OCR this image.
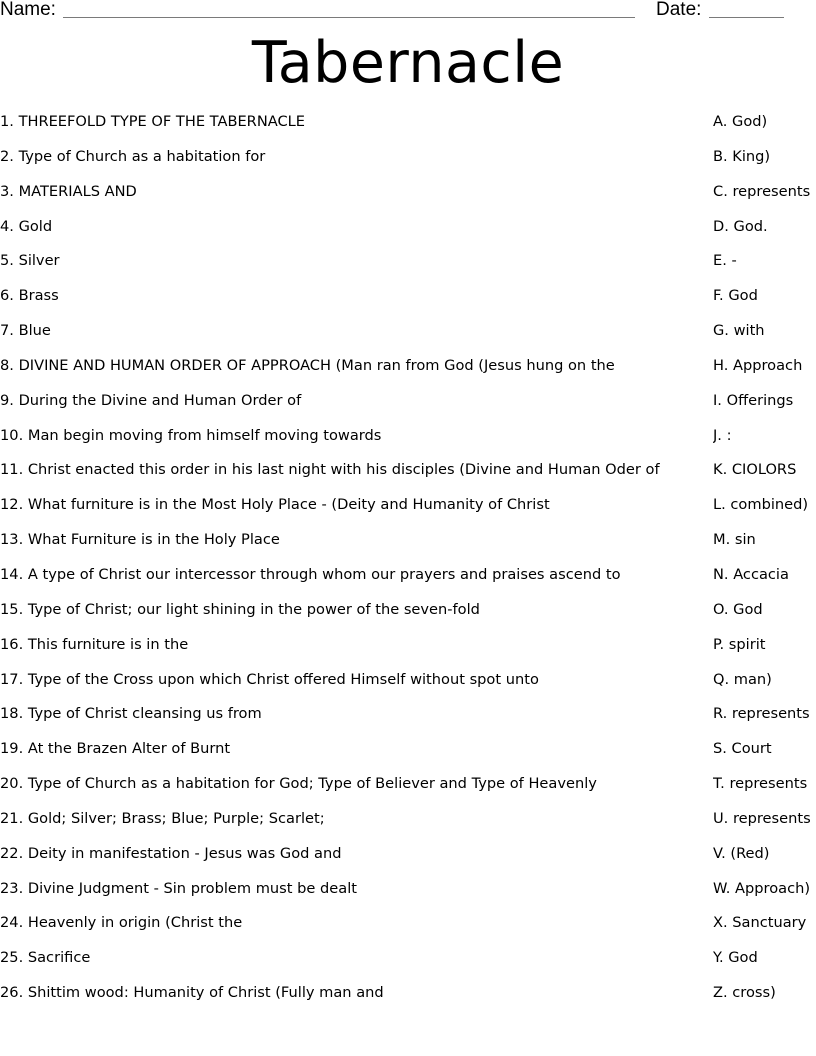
Name:	Date:
Tabernacle
1. THREEFOLD TYPE OF THE TABERNACLE
2. Type of Church as a habitation for
3. MATERIALS AND
4. Gold
5. Silver
6. Brass
7. Blue
8. DIVINE AND HUMAN ORDER OF APPROACH (Man ran from God (Jesus hung on the
9. During the Divine and Human Order of
10. Man begin moving from himself moving towards
11. Christ enacted this order in his last night with his disciples (Divine and Human Oder of
12. What furniture is in the Most Holy Place - (Deity and Humanity of Christ
13. What Furniture is in the Holy Place
14. A type of Christ our intercessor through whom our prayers and praises ascend to
15. Type of Christ; our light shining in the power of the seven-fold
16. This furniture is in the
17. Type of the Cross upon which Christ offered Himself without spot unto
18. Type of Christ cleansing us from
19. At the Brazen Alter of Burnt
20. Type of Church as a habitation for God; Type of Believer and Type of Heavenly
21. Gold; Silver; Brass; Blue; Purple; Scarlet;
22. Deity in manifestation - Jesus was God and
23. Divine Judgment - Sin problem must be dealt
24. Heavenly in origin (Christ the
25. Sacrifice
26. Shittim wood: Humanity of Christ (Fully man and
A. God)
B. King)
C. represents
D. God.
E. -
F. God
G. with
H. Approach
I. Offerings
J. :
K. CIOLORS
L. combined)
M. sin
N. Accacia
O. God
P. spirit
Q. man)
R. represents
S. Court
T. represents
U. represents
V. (Red)
W. Approach)
X. Sanctuary
Y. God
Z. cross)
